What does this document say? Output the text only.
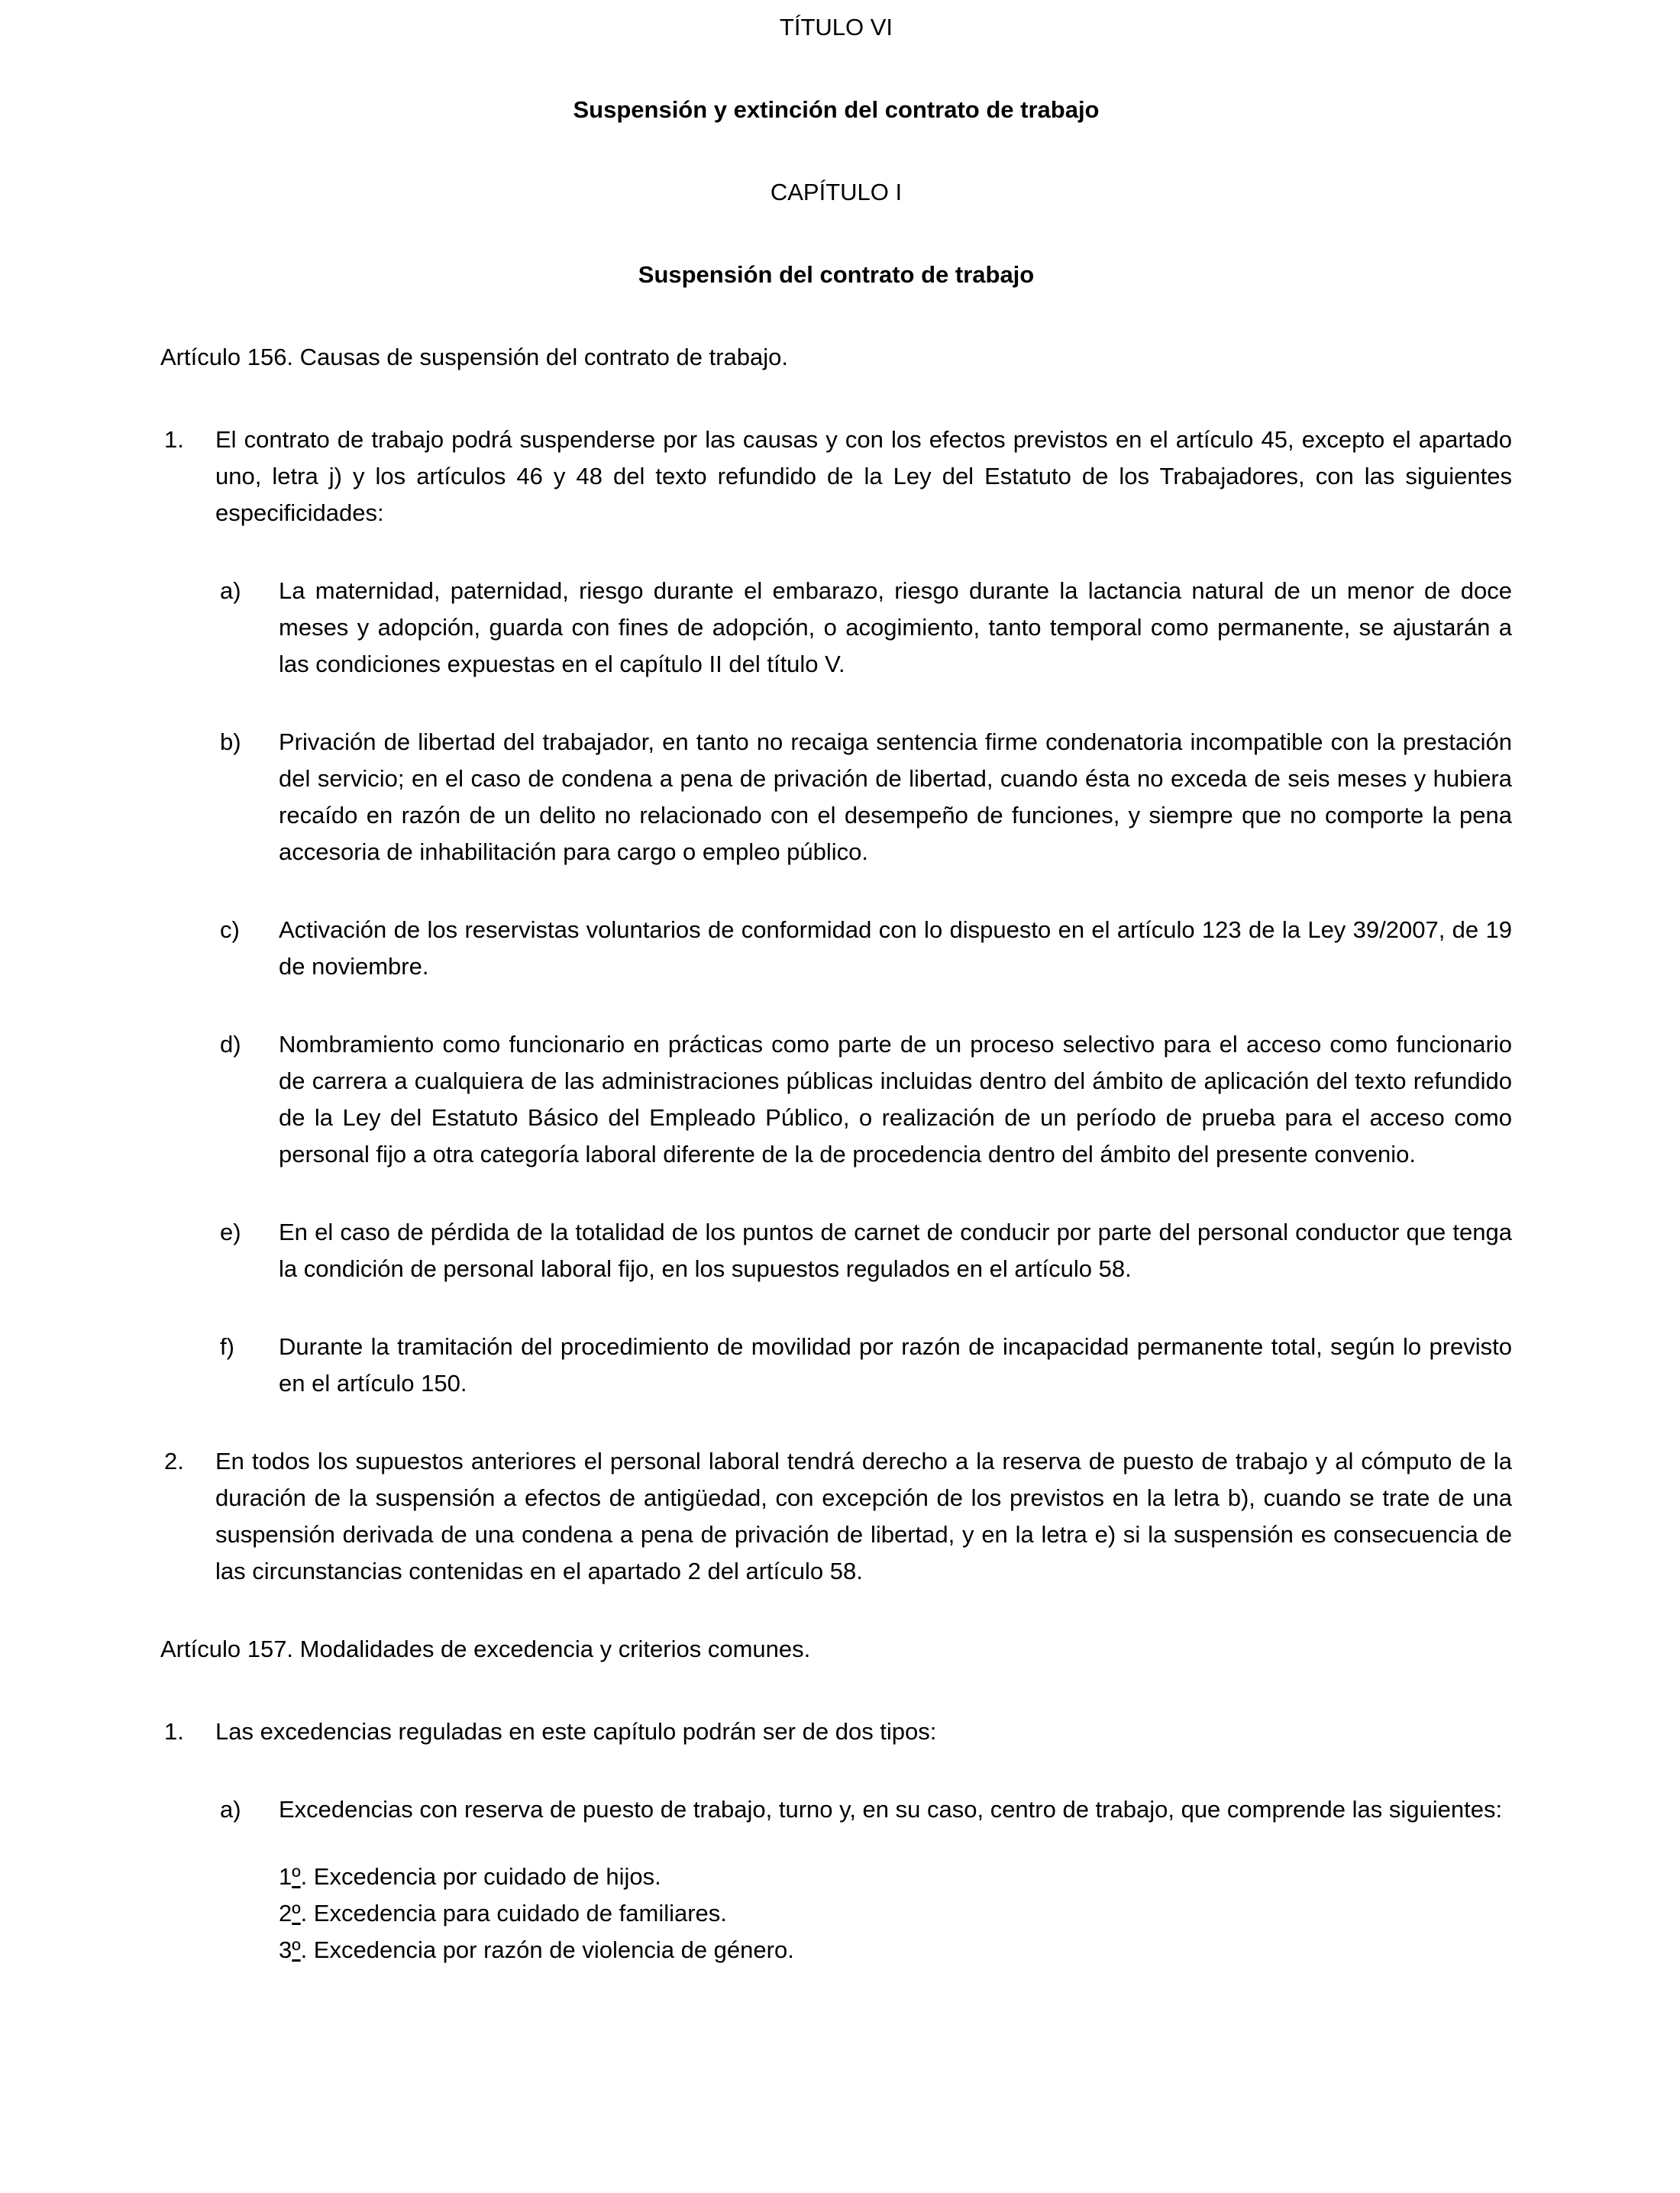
TÍTULO VI
Suspensión y extinción del contrato de trabajo
CAPÍTULO I
Suspensión del contrato de trabajo
Artículo 156. Causas de suspensión del contrato de trabajo.
1. El contrato de trabajo podrá suspenderse por las causas y con los efectos previstos en el artículo 45, excepto el apartado uno, letra j) y los artículos 46 y 48 del texto refundido de la Ley del Estatuto de los Trabajadores, con las siguientes especificidades:
a) La maternidad, paternidad, riesgo durante el embarazo, riesgo durante la lactancia natural de un menor de doce meses y adopción, guarda con fines de adopción, o acogimiento, tanto temporal como permanente, se ajustarán a las condiciones expuestas en el capítulo II del título V.
b) Privación de libertad del trabajador, en tanto no recaiga sentencia firme condenatoria incompatible con la prestación del servicio; en el caso de condena a pena de privación de libertad, cuando ésta no exceda de seis meses y hubiera recaído en razón de un delito no relacionado con el desempeño de funciones, y siempre que no comporte la pena accesoria de inhabilitación para cargo o empleo público.
c) Activación de los reservistas voluntarios de conformidad con lo dispuesto en el artículo 123 de la Ley 39/2007, de 19 de noviembre.
d) Nombramiento como funcionario en prácticas como parte de un proceso selectivo para el acceso como funcionario de carrera a cualquiera de las administraciones públicas incluidas dentro del ámbito de aplicación del texto refundido de la Ley del Estatuto Básico del Empleado Público, o realización de un período de prueba para el acceso como personal fijo a otra categoría laboral diferente de la de procedencia dentro del ámbito del presente convenio.
e) En el caso de pérdida de la totalidad de los puntos de carnet de conducir por parte del personal conductor que tenga la condición de personal laboral fijo, en los supuestos regulados en el artículo 58.
f) Durante la tramitación del procedimiento de movilidad por razón de incapacidad permanente total, según lo previsto en el artículo 150.
2. En todos los supuestos anteriores el personal laboral tendrá derecho a la reserva de puesto de trabajo y al cómputo de la duración de la suspensión a efectos de antigüedad, con excepción de los previstos en la letra b), cuando se trate de una suspensión derivada de una condena a pena de privación de libertad, y en la letra e) si la suspensión es consecuencia de las circunstancias contenidas en el apartado 2 del artículo 58.
Artículo 157. Modalidades de excedencia y criterios comunes.
1. Las excedencias reguladas en este capítulo podrán ser de dos tipos:
a) Excedencias con reserva de puesto de trabajo, turno y, en su caso, centro de trabajo, que comprende las siguientes:
1º. Excedencia por cuidado de hijos.
2º. Excedencia para cuidado de familiares.
3º. Excedencia por razón de violencia de género.
